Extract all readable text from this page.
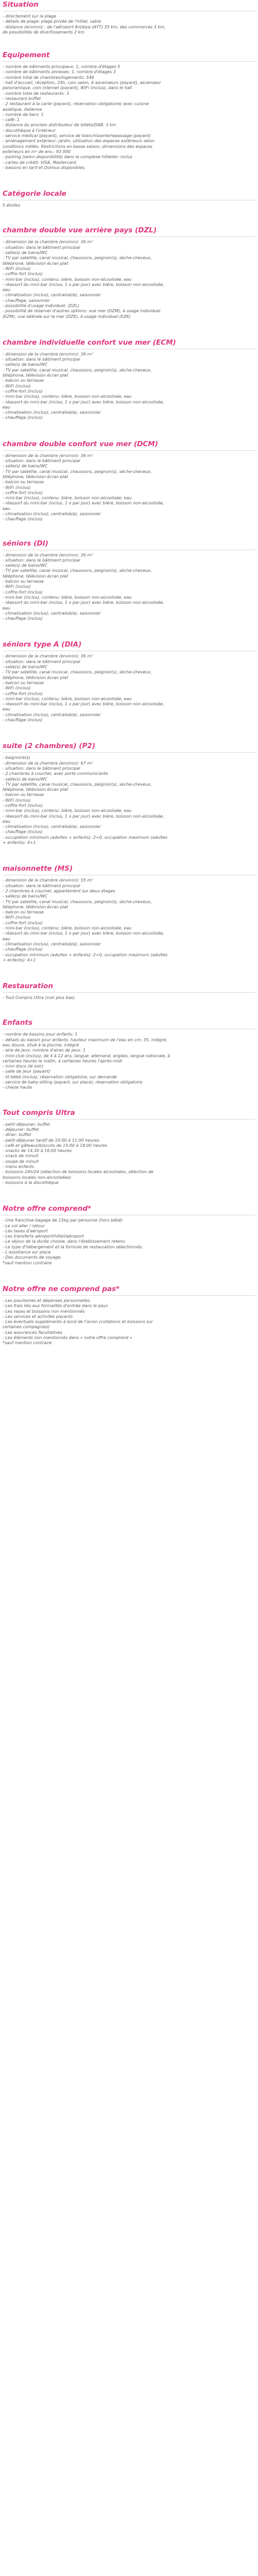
Situation
- directement sur la plage
- détails de plage: plage privée de l'hôtel, sable
- distance (environ) : de l'aéroport Antalya (AYT) 35 km, des commerces 3 km,
de possibilités de divertissements 2 km
Equipement
- nombre de bâtiments principaux: 1, nombre d'étages 5
- nombre de bâtiments annexes: 1, nombre d'étages 3
- nombre total de chambres/logements: 546
- hall d'accueil, réception, 24h, coin salon, 6 ascenseurs (payant), ascenseur
panoramique, coin internet (payant), WiFi (inclus), dans le hall
- nombre total de restaurants: 3
- restaurant buffet
- 2 restaurant à la carte (payant), réservation obligatoire) avec cuisine
asiatique, italienne
- nombre de bars: 1
- café: 1
- distance du proclain distributeur de billets/DAB: 3 km
- discothèque à l'intérieur
- service médical (payant), service de blanchisserie/repassage (payant)
- aménagement extérieur: jardin, utilisation des espaces extérieurs selon
conditions météo. Restrictions en basse saison, dimensions des espaces
extérieurs en m² de env.: 93 000
- parking (selon disponibilité) dans le complexe hôtelier: inclus
- cartes de crédit: VISA, Mastercard
- baisons en tarif et Dolmus disponibles.
Catégorie locale
5 étoiles
chambre double vue arrière pays (DZL)
- dimension de la chambre (environ): 36 m²
- situation: dans le bâtiment principal
- salle(s) de bains/WC
- TV par satellite, canal musical, chaussons, peignoir(s), sèche-cheveux,
téléphone, télévision écran plat
- WiFi (inclus)
- coffre-fort (inclus)
- mini-bar (inclus), contenu: bière, boisson non-alcoolisée, eau
- réassort du mini-bar (inclus, 1 x par jour) avec bière, boisson non-alcoolisée,
eau
- climatisation (inclus), centralisé(e), saisonnier
- chauffage, saisonnier
- possibilité d'usage individuel, (DZL)
- possibilité de réserver d'autres options: vue mer (DZM), à usage individuel
(EZM), vue latérale sur la mer (DZK), à usage individuel (EZK)
chambre individuelle confort vue mer (ECM)
- dimension de la chambre (environ): 36 m²
- situation: dans le bâtiment principal
- salle(s) de bains/WC
- TV par satellite, canal musical, chaussons, peignoir(s), sèche-cheveux,
téléphone, télévision écran plat
- balcon ou terrasse
- WiFi (inclus)
- coffre-fort (inclus)
- mini-bar (inclus), contenu: bière, boisson non-alcoolisée, eau
- réassort du mini-bar (inclus, 1 x par jour) avec bière, boisson non-alcoolisée,
eau
- climatisation (inclus), centralisé(e), saisonnier
- chauffage (inclus)
chambre double confort vue mer (DCM)
- dimension de la chambre (environ): 36 m²
- situation: dans le bâtiment principal
- salle(s) de bains/WC
- TV par satellite, canal musical, chaussons, peignoir(s), sèche-cheveux,
téléphone, télévision écran plat
- balcon ou terrasse
- WiFi (inclus)
- coffre-fort (inclus)
- mini-bar (inclus), contenu: bière, boisson non-alcoolisée, eau
- réassort du mini-bar (inclus, 1 x par jour) avec bière, boisson non-alcoolisée,
eau
- climatisation (inclus), centralisé(e), saisonnier
- chauffage (inclus)
séniors (DI)
- dimension de la chambre (environ): 36 m²
- situation: dans le bâtiment principal
- salle(s) de bains/WC
- TV par satellite, canal musical, chaussons, peignoir(s), sèche-cheveux,
téléphone, télévision écran plat
- balcon ou terrasse
- WiFi (inclus)
- coffre-fort (inclus)
- mini-bar (inclus), contenu: bière, boisson non-alcoolisée, eau
- réassort du mini-bar (inclus, 1 x par jour) avec bière, boisson non-alcoolisée,
eau
- climatisation (inclus), centralisé(e), saisonnier
- chauffage (inclus)
séniors type A (DIA)
- dimension de la chambre (environ): 36 m²
- situation: dans le bâtiment principal
- salle(s) de bains/WC
- TV par satellite, canal musical, chaussons, peignoir(s), sèche-cheveux,
téléphone, télévision écran plat
- balcon ou terrasse
- WiFi (inclus)
- coffre-fort (inclus)
- mini-bar (inclus), contenu: bière, boisson non-alcoolisée, eau
- réassort du mini-bar (inclus, 1 x par jour) avec bière, boisson non-alcoolisée,
eau
- climatisation (inclus), centralisé(e), saisonnier
- chauffage (inclus)
suite (2 chambres) (P2)
- baignoire(s)
- dimension de la chambre (environ): 67 m²
- situation: dans le bâtiment principal
- 2 chambres à coucher, avec porte communicante
- salle(s) de bains/WC
- TV par satellite, canal musical, chaussons, peignoir(s), sèche-cheveux,
téléphone, télévision écran plat
- balcon ou terrasse
- WiFi (inclus)
- coffre-fort (inclus)
- mini-bar (inclus), contenu: bière, boisson non-alcoolisée, eau
- réassort du mini-bar (inclus, 1 x par jour) avec bière, boisson non-alcoolisée,
eau
- climatisation (inclus), centralisé(e), saisonnier
- chauffage (inclus)
- occupation minimum (adultes + enfants): 2+0, occupation maximum (adultes
+ enfants): 4+1
maisonnette (MS)
- dimension de la chambre (environ): 55 m²
- situation: dans le bâtiment principal
- 2 chambres à coucher, appartement sur deux étages
- salle(s) de bains/WC
- TV par satellite, canal musical, chaussons, peignoir(s), sèche-cheveux,
téléphone, télévision écran plat
- balcon ou terrasse
- WiFi (inclus)
- coffre-fort (inclus)
- mini-bar (inclus), contenu: bière, boisson non-alcoolisée, eau
- réassort du mini-bar (inclus, 1 x par jour) avec bière, boisson non-alcoolisée,
eau
- climatisation (inclus), centralisé(e), saisonnier
- chauffage (inclus)
- occupation minimum (adultes + enfants): 2+0, occupation maximum (adultes
+ enfants): 4+1
Restauration
- Tout Compris Ultra (voir plus bas)
Enfants
- nombre de bassins pour enfants: 1
- détails du bassin pour enfants: hauteur maximum de l'eau en cm: 35, intégré,
eau douce, situé à la piscine, intégré
- aire de jeux: nombre d'aires de jeux: 1
- mini-club (inclus), de 4 à 12 ans, langue: allemand, anglais, langue nationale, à
certaines heures le matin, à certaines heures l'après-midi
- mini disco (le soir)
- salle de jeux (payant)
- lit bébé (inclus), réservation obligatoire, sur demande
- service de baby-sitting (payant, sur place), réservation obligatoire
- chaise haute
Tout compris Ultra
- petit-déjeuner: buffet
- déjeuner: buffet
- dîner: buffet
- petit-déjeuner tardif de 10:00 à 11:00 heures
- café et gâteaux/biscuits de 15:00 à 18:00 heures
- snacks de 14:30 à 16:00 heures
- snack de minuit
- soupe de minuit
- menu enfants
- boissons 24h/24 (sélection de boissons locales alcoolisées, sélection de
boissons locales non-alcoolisées)
- boissons à la discothèque
Notre offre comprend*
- Une franchise bagage de 15kg par personne (hors bébé)
- Le vol aller / retour
- Les taxes d'aéroport
- Les transferts aéroport/hôtel/aéroport.
- Le séjour de la durée choisie, dans l'établissement retenu
- Le type d'hébergement et la formule de restauration sélectionnés.
- L'assistance sur place
- Des documents de voyage.
*sauf mention contraire
Notre offre ne comprend pas*
- Les pourboires et dépenses personnelles
- Les frais liés aux formalités d'entrée dans le pays
- Les repas et boissons non mentionnés
- Les services et activités payants
- Les éventuels suppléments à bord de l'avion (collations et boissons sur
certaines compagnies)
- Les assurances facultatives
- Les éléments non mentionnés dans « notre offre comprend »
*sauf mention contraire
